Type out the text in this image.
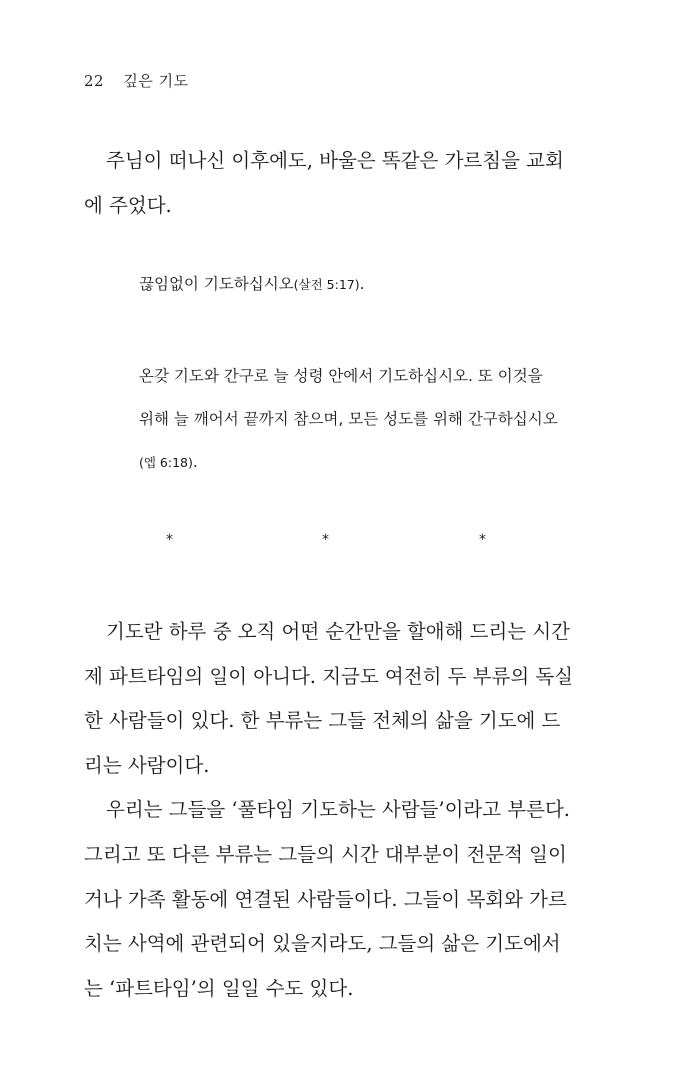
22 깊은 기도
주님이 떠나신 이후에도, 바울은 똑같은 가르침을 교회
에 주었다.
끊임없이 기도하십시오(살전 5:17).
온갖 기도와 간구로 늘 성령 안에서 기도하십시오. 또 이것을
위해 늘 깨어서 끝까지 참으며, 모든 성도를 위해 간구하십시오
(엡 6:18).
*	*	*
기도란 하루 중 오직 어떤 순간만을 할애해 드리는 시간
제 파트타임의 일이 아니다. 지금도 여전히 두 부류의 독실
한 사람들이 있다. 한 부류는 그들 전체의 삶을 기도에 드
리는 사람이다.
우리는 그들을 ‘풀타임 기도하는 사람들’이라고 부른다.
그리고 또 다른 부류는 그들의 시간 대부분이 전문적 일이
거나 가족 활동에 연결된 사람들이다. 그들이 목회와 가르
치는 사역에 관련되어 있을지라도, 그들의 삶은 기도에서
는 ‘파트타임’의 일일 수도 있다.
